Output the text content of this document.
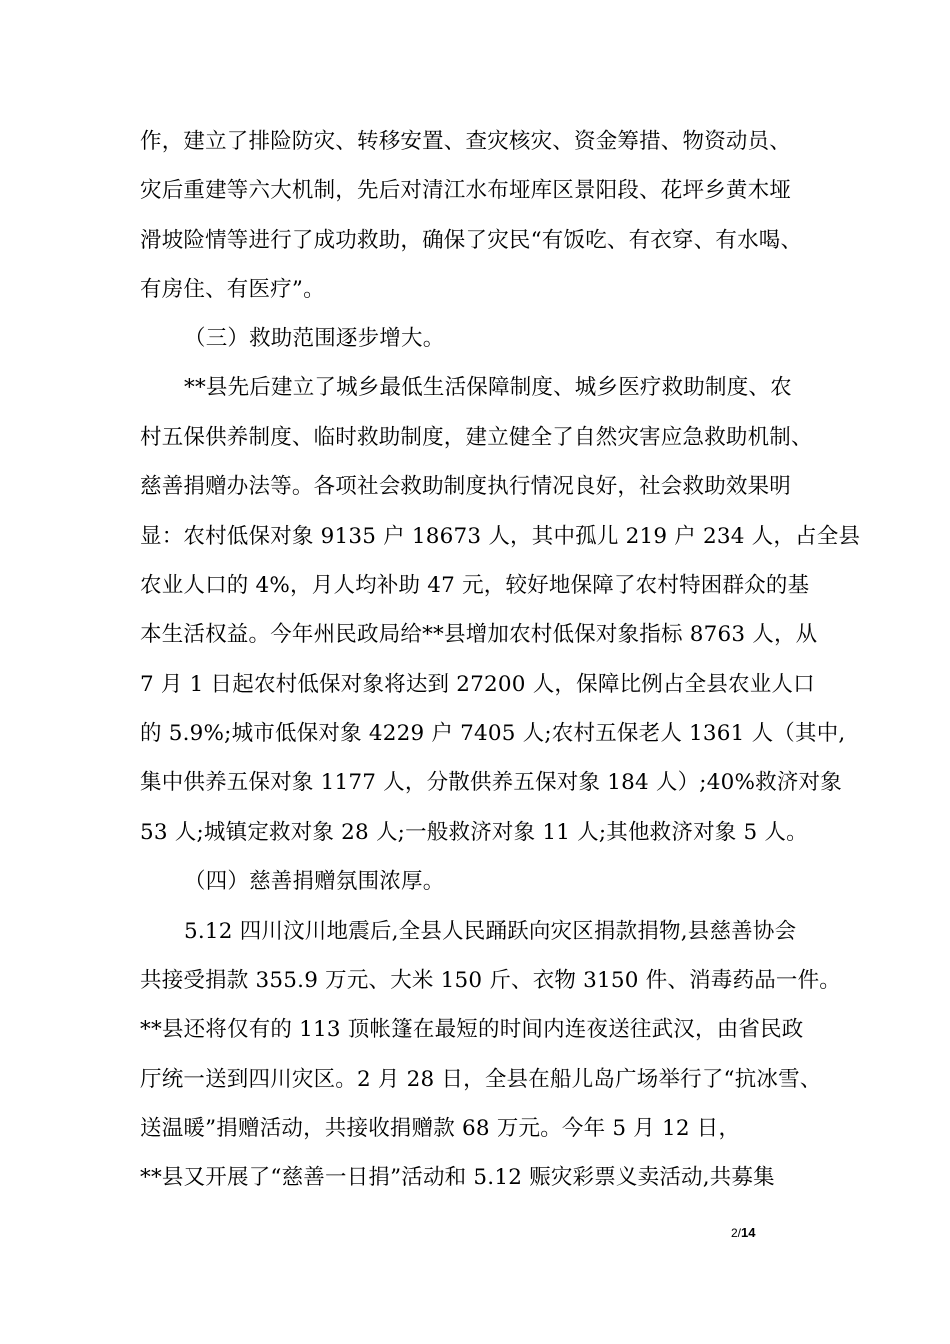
作，建立了排险防灾、转移安置、查灾核灾、资金筹措、物资动员、
灾后重建等六大机制，先后对清江水布垭库区景阳段、花坪乡黄木垭
滑坡险情等进行了成功救助，确保了灾民“有饭吃、有衣穿、有水喝、
有房住、有医疗”。
（三）救助范围逐步增大。
**县先后建立了城乡最低生活保障制度、城乡医疗救助制度、农
村五保供养制度、临时救助制度，建立健全了自然灾害应急救助机制、
慈善捐赠办法等。各项社会救助制度执行情况良好，社会救助效果明
显：农村低保对象 9135 户 18673 人，其中孤儿 219 户 234 人，占全县
农业人口的 4%，月人均补助 47 元，较好地保障了农村特困群众的基
本生活权益。今年州民政局给**县增加农村低保对象指标 8763 人，从
7 月 1 日起农村低保对象将达到 27200 人，保障比例占全县农业人口
的 5.9%;城市低保对象 4229 户 7405 人;农村五保老人 1361 人（其中,
集中供养五保对象 1177 人，分散供养五保对象 184 人）;40%救济对象
53 人;城镇定救对象 28 人;一般救济对象 11 人;其他救济对象 5 人。
（四）慈善捐赠氛围浓厚。
5.12 四川汶川地震后,全县人民踊跃向灾区捐款捐物,县慈善协会
共接受捐款 355.9 万元、大米 150 斤、衣物 3150 件、消毒药品一件。
**县还将仅有的 113 顶帐篷在最短的时间内连夜送往武汉，由省民政
厅统一送到四川灾区。2 月 28 日，全县在船儿岛广场举行了“抗冰雪、
送温暖”捐赠活动，共接收捐赠款 68 万元。今年 5 月 12 日，
**县又开展了“慈善一日捐”活动和 5.12 赈灾彩票义卖活动,共募集
2/14
